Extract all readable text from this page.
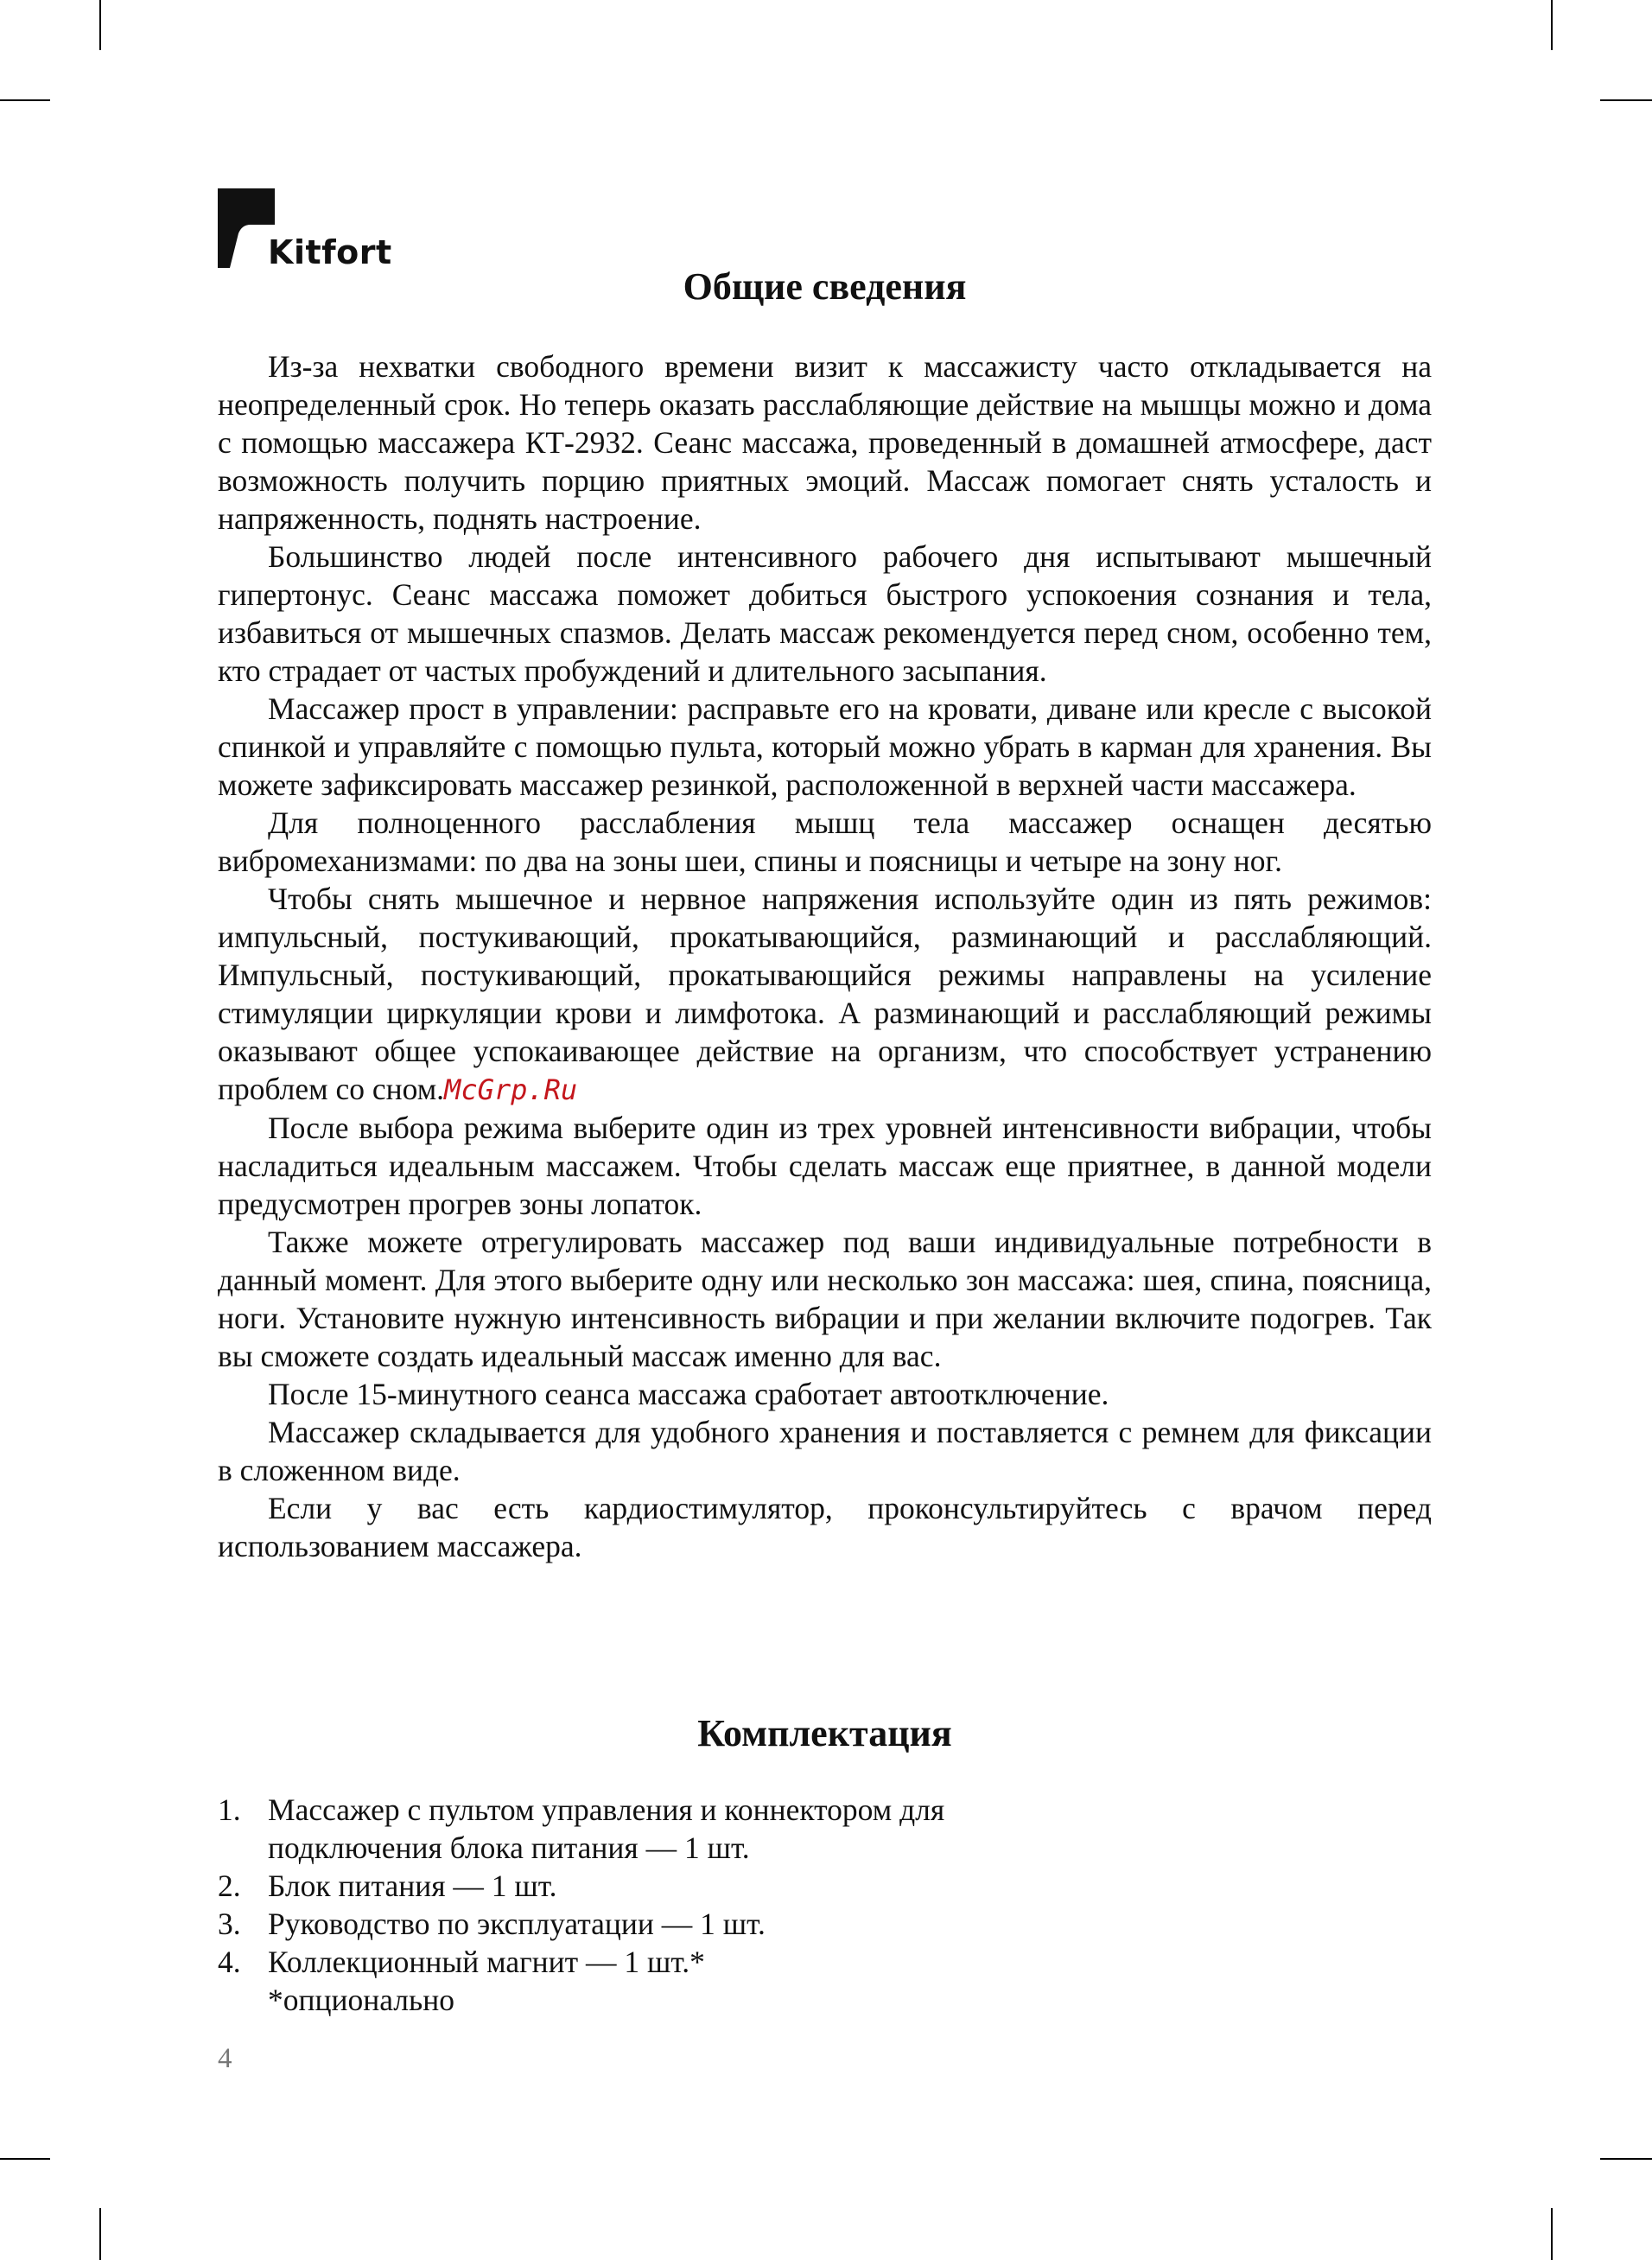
Kitfort
Общие сведения

Из-за нехватки свободного времени визит к массажисту часто откладывается на неопределенный срок. Но теперь оказать расслабляющие действие на мышцы можно и дома с помощью массажера КТ-2932. Сеанс массажа, проведенный в домашней атмосфере, даст возможность получить порцию приятных эмоций. Массаж помогает снять усталость и напряженность, поднять настроение.

Большинство людей после интенсивного рабочего дня испытывают мышечный гипертонус. Сеанс массажа поможет добиться быстрого успокоения сознания и тела, избавиться от мышечных спазмов. Делать массаж рекомендуется перед сном, особенно тем, кто страдает от частых пробуждений и длительного засыпания.

Массажер прост в управлении: расправьте его на кровати, диване или кресле с высокой спинкой и управляйте с помощью пульта, который можно убрать в карман для хранения. Вы можете зафиксировать массажер резинкой, расположенной в верхней части массажера.

Для полноценного расслабления мышц тела массажер оснащен десятью вибромеханизмами: по два на зоны шеи, спины и поясницы и четыре на зону ног.

Чтобы снять мышечное и нервное напряжения используйте один из пять режимов: импульсный, постукивающий, прокатывающийся, разминающий и расслабляющий. Импульсный, постукивающий, прокатывающийся режимы направлены на усиление стимуляции циркуляции крови и лимфотока. А разминающий и расслабляющий режимы оказывают общее успокаивающее действие на организм, что способствует устранению проблем со сном.McGrp.Ru

После выбора режима выберите один из трех уровней интенсивности вибрации, чтобы насладиться идеальным массажем. Чтобы сделать массаж еще приятнее, в данной модели предусмотрен прогрев зоны лопаток.

Также можете отрегулировать массажер под ваши индивидуальные потребности в данный момент. Для этого выберите одну или несколько зон массажа: шея, спина, поясница, ноги. Установите нужную интенсивность вибрации и при желании включите подогрев. Так вы сможете создать идеальный массаж именно для вас.

После 15-минутного сеанса массажа сработает автоотключение.

Массажер складывается для удобного хранения и поставляется с ремнем для фиксации в сложенном виде.

Если у вас есть кардиостимулятор, проконсультируйтесь с врачом перед использованием массажера.

Комплектация
1. Массажер с пультом управления и коннектором для подключения блока питания — 1 шт.
2. Блок питания — 1 шт.
3. Руководство по эксплуатации — 1 шт.
4. Коллекционный магнит — 1 шт.*
*опционально
4
